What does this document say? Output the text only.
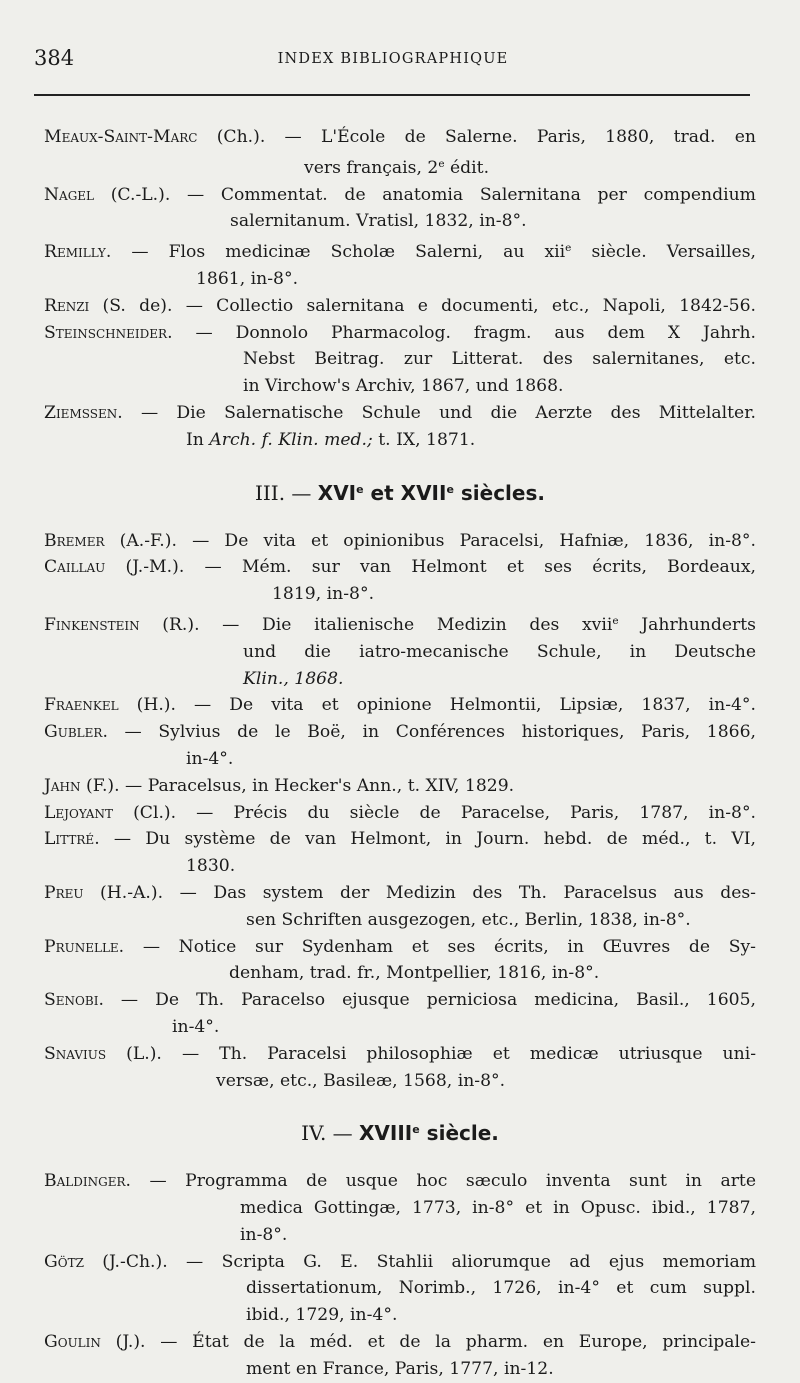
384	INDEX BIBLIOGRAPHIQUE
Meaux-Saint-Marc (Ch.). — L'École de Salerne. Paris, 1880, trad. en
vers français, 2e édit.
Nagel (C.-L.). — Commentat. de anatomia Salernitana per compendium
salernitanum. Vratisl, 1832, in-8°.
Remilly. — Flos medicinæ Scholæ Salerni, au xii$^e$ siècle. Versailles,
1861, in-8°.
Renzi (S. de). — Collectio salernitana e documenti, etc., Napoli, 1842-56.
Steinschneider. — Donnolo Pharmacolog. fragm. aus dem X Jahrh.
Nebst Beitrag. zur Litterat. des salernitanes, etc.
in Virchow's Archiv, 1867, und 1868.
Ziemssen. — Die Salernatische Schule und die Aerzte des Mittelalter.
In Arch. f. Klin. med.; t. IX, 1871.
III. — XVIe et XVIIe siècles.
Bremer (A.-F.). — De vita et opinionibus Paracelsi, Hafniæ, 1836, in-8°.
Caillau (J.-M.). — Mém. sur van Helmont et ses écrits, Bordeaux,
1819, in-8°.
Finkenstein (R.). — Die italienische Medizin des xvii$^e$ Jahrhunderts
und die iatro-mecanische Schule, in Deutsche
Klin., 1868.
Fraenkel (H.). — De vita et opinione Helmontii, Lipsiæ, 1837, in-4°.
Gubler. — Sylvius de le Boë, in Conférences historiques, Paris, 1866,
in-4°.
Jahn (F.). — Paracelsus, in Hecker's Ann., t. XIV, 1829.
Lejoyant (Cl.). — Précis du siècle de Paracelse, Paris, 1787, in-8°.
Littré. — Du système de van Helmont, in Journ. hebd. de méd., t. VI,
1830.
Preu (H.-A.). — Das system der Medizin des Th. Paracelsus aus des-
sen Schriften ausgezogen, etc., Berlin, 1838, in-8°.
Prunelle. — Notice sur Sydenham et ses écrits, in Œuvres de Sy-
denham, trad. fr., Montpellier, 1816, in-8°.
Senobi. — De Th. Paracelso ejusque perniciosa medicina, Basil., 1605,
in-4°.
Snavius (L.). — Th. Paracelsi philosophiæ et medicæ utriusque uni-
versæ, etc., Basileæ, 1568, in-8°.
IV. — XVIIIe siècle.
Baldinger. — Programma de usque hoc sæculo inventa sunt in arte
medica Gottingæ, 1773, in-8° et in Opusc. ibid., 1787,
in-8°.
Götz (J.-Ch.). — Scripta G. E. Stahlii aliorumque ad ejus memoriam
dissertationum, Norimb., 1726, in-4° et cum suppl.
ibid., 1729, in-4°.
Goulin (J.). — État de la méd. et de la pharm. en Europe, principale-
ment en France, Paris, 1777, in-12.
